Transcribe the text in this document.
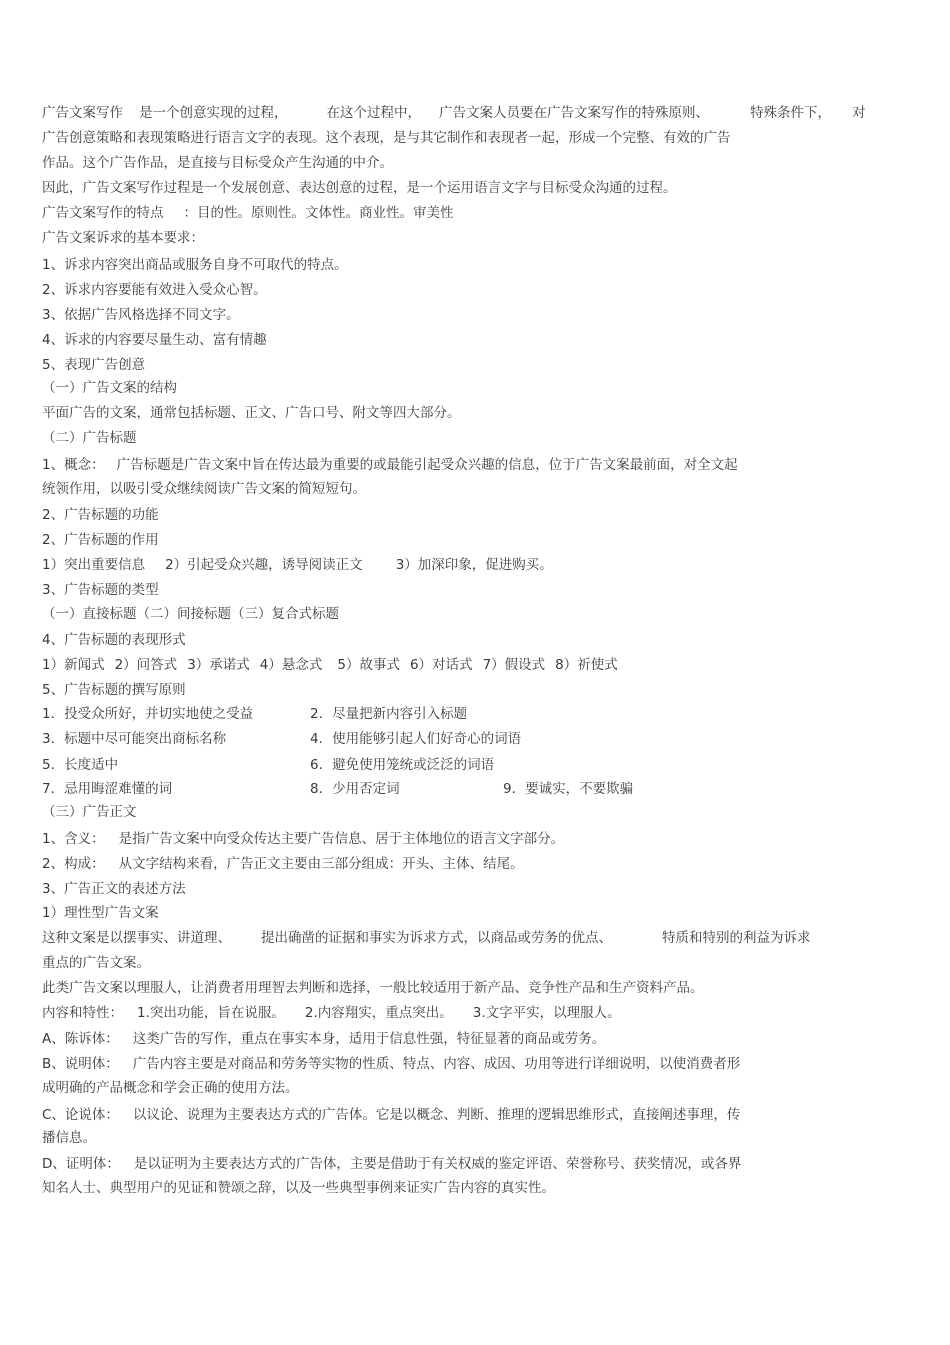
广告文案写作 是一个创意实现的过程，	在这个过程中， 广告文案人员要在广告文案写作的特殊原则、	特殊条件下， 对
广告创意策略和表现策略进行语言文字的表现。这个表现，是与其它制作和表现者一起，形成一个完整、有效的广告
作品。这个广告作品，是直接与目标受众产生沟通的中介。
因此，广告文案写作过程是一个发展创意、表达创意的过程，是一个运用语言文字与目标受众沟通的过程。
广告文案写作的特点 ：目的性。原则性。文体性。商业性。审美性
广告文案诉求的基本要求：
1、诉求内容突出商品或服务自身不可取代的特点。
2、诉求内容要能有效进入受众心智。
3、依据广告风格选择不同文字。
4、诉求的内容要尽量生动、富有情趣
5、表现广告创意
（一）广告文案的结构
平面广告的文案，通常包括标题、正文、广告口号、附文等四大部分。
（二）广告标题
1、概念： 广告标题是广告文案中旨在传达最为重要的或最能引起受众兴趣的信息，位于广告文案最前面，对全文起
统领作用，以吸引受众继续阅读广告文案的简短短句。
2、广告标题的功能
2、广告标题的作用
1）突出重要信息 2）引起受众兴趣，诱导阅读正文 3）加深印象，促进购买。
3、广告标题的类型
（一）直接标题（二）间接标题（三）复合式标题
4、广告标题的表现形式
1）新闻式 2）问答式 3）承诺式 4）悬念式 5）故事式 6）对话式 7）假设式 8）祈使式
5、广告标题的撰写原则
1．投受众所好，并切实地使之受益	2．尽量把新内容引入标题
3．标题中尽可能突出商标名称	4．使用能够引起人们好奇心的词语
5．长度适中	6．避免使用笼统或泛泛的词语
7．忌用晦涩难懂的词	8．少用否定词	9．要诚实，不要欺骗
（三）广告正文
1、含义： 是指广告文案中向受众传达主要广告信息、居于主体地位的语言文字部分。
2、构成： 从文字结构来看，广告正文主要由三部分组成：开头、主体、结尾。
3、广告正文的表述方法
1）理性型广告文案
这种文案是以摆事实、讲道理、 提出确凿的证据和事实为诉求方式，以商品或劳务的优点、	特质和特别的利益为诉求
重点的广告文案。
此类广告文案以理服人，让消费者用理智去判断和选择，一般比较适用于新产品、竞争性产品和生产资料产品。
内容和特性： 1.突出功能，旨在说服。 2.内容翔实，重点突出。 3.文字平实，以理服人。
A、陈诉体： 这类广告的写作，重点在事实本身，适用于信息性强，特征显著的商品或劳务。
B、说明体： 广告内容主要是对商品和劳务等实物的性质、特点、内容、成因、功用等进行详细说明，以使消费者形
成明确的产品概念和学会正确的使用方法。
C、论说体： 以议论、说理为主要表达方式的广告体。它是以概念、判断、推理的逻辑思维形式，直接阐述事理，传
播信息。
D、证明体： 是以证明为主要表达方式的广告体，主要是借助于有关权威的鉴定评语、荣誉称号、获奖情况，或各界
知名人士、典型用户的见证和赞颂之辞，以及一些典型事例来证实广告内容的真实性。
